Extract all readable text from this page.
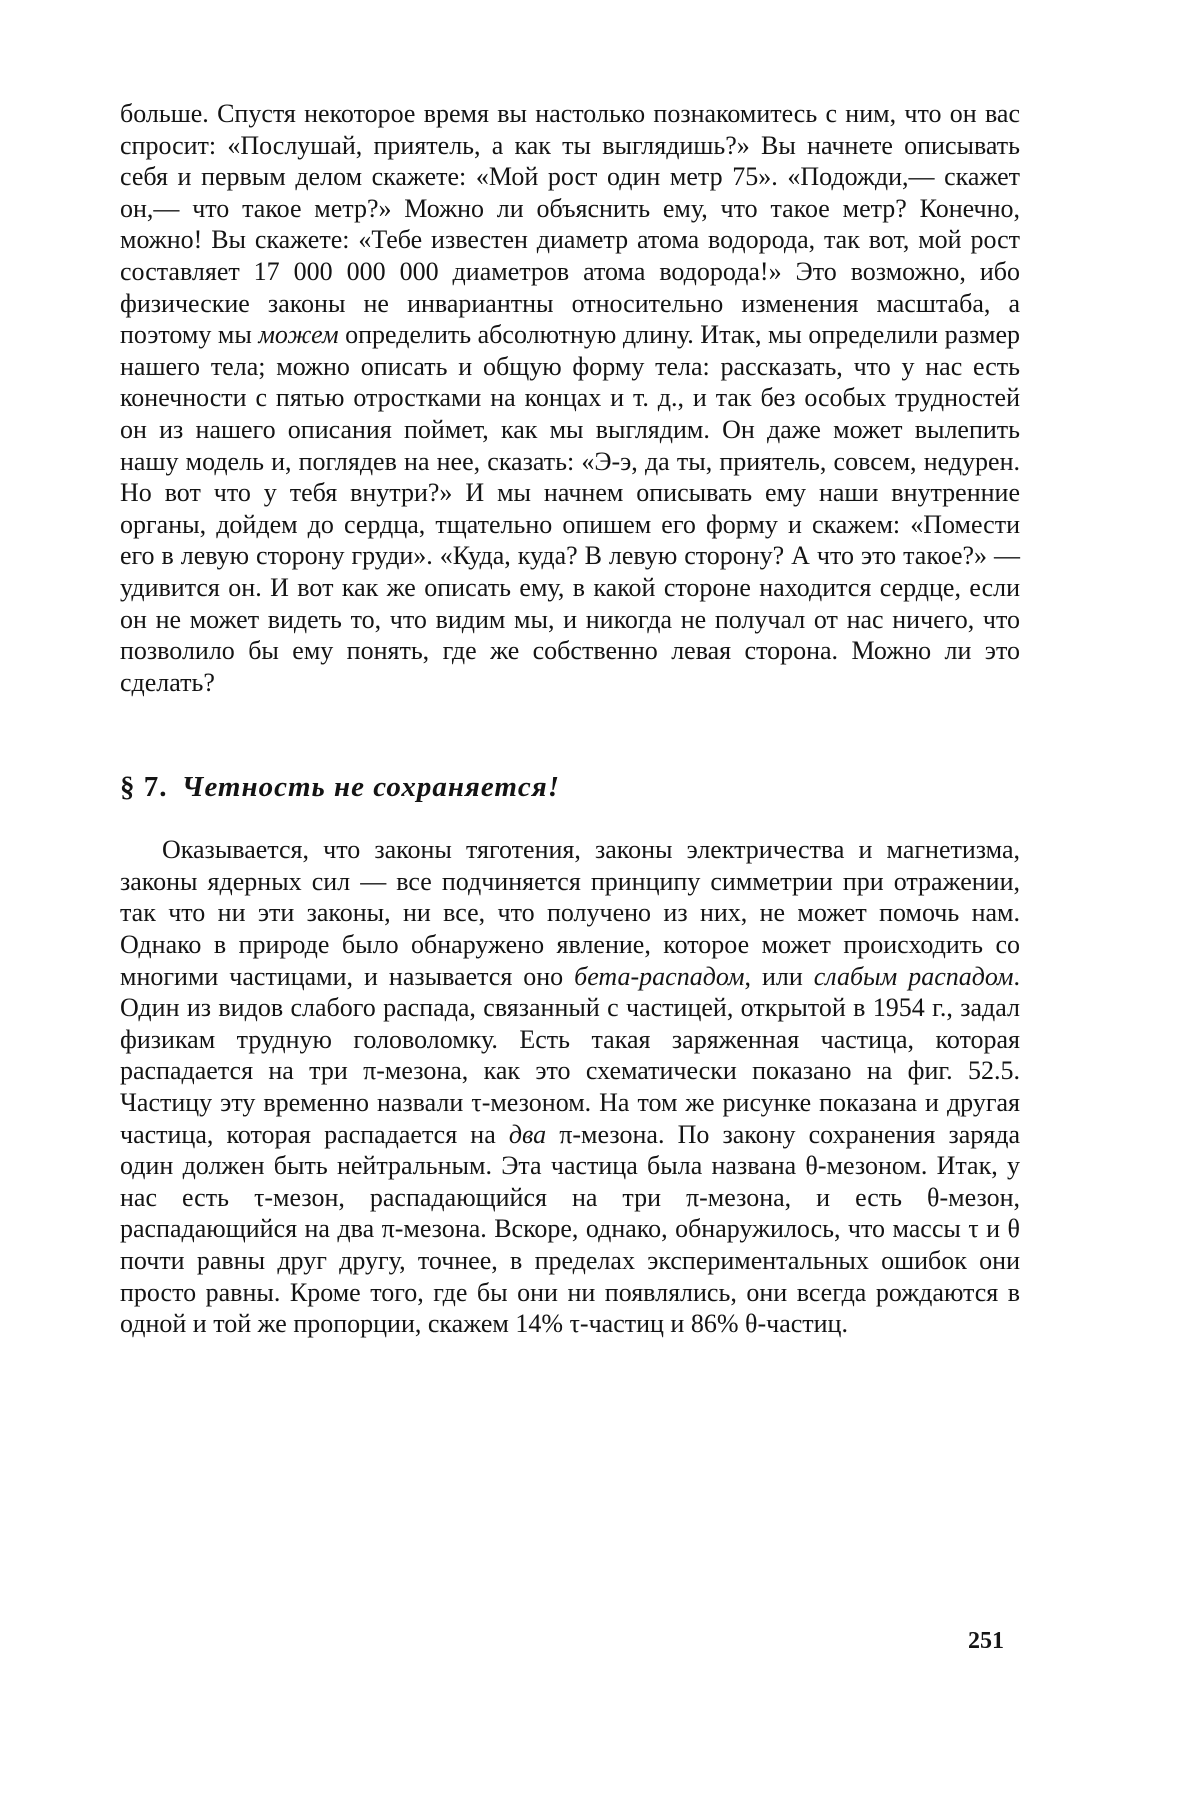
больше. Спустя некоторое время вы настолько познакомитесь с ним, что он вас спросит: «Послушай, приятель, а как ты выглядишь?» Вы начнете описывать себя и первым делом скажете: «Мой рост один метр 75». «Подожди,— скажет он,— что такое метр?» Можно ли объяснить ему, что такое метр? Конечно, можно! Вы скажете: «Тебе известен диаметр атома водорода, так вот, мой рост составляет 17 000 000 000 диаметров атома водорода!» Это возможно, ибо физические законы не инвариантны относительно изменения масштаба, а поэтому мы можем определить абсолютную длину. Итак, мы определили размер нашего тела; можно описать и общую форму тела: рассказать, что у нас есть конечности с пятью отростками на концах и т. д., и так без особых трудностей он из нашего описания поймет, как мы выглядим. Он даже может вылепить нашу модель и, поглядев на нее, сказать: «Э-э, да ты, приятель, совсем, недурен. Но вот что у тебя внутри?» И мы начнем описывать ему наши внутренние органы, дойдем до сердца, тщательно опишем его форму и скажем: «Помести его в левую сторону груди». «Куда, куда? В левую сторону? А что это такое?» — удивится он. И вот как же описать ему, в какой стороне находится сердце, если он не может видеть то, что видим мы, и никогда не получал от нас ничего, что позволило бы ему понять, где же собственно левая сторона. Можно ли это сделать?

§ 7. Четность не сохраняется!

Оказывается, что законы тяготения, законы электричества и магнетизма, законы ядерных сил — все подчиняется принципу симметрии при отражении, так что ни эти законы, ни все, что получено из них, не может помочь нам. Однако в природе было обнаружено явление, которое может происходить со многими частицами, и называется оно бета-распадом, или слабым распадом. Один из видов слабого распада, связанный с частицей, открытой в 1954 г., задал физикам трудную головоломку. Есть такая заряженная частица, которая распадается на три π-мезона, как это схематически показано на фиг. 52.5. Частицу эту временно назвали τ-мезоном. На том же рисунке показана и другая частица, которая распадается на два π-мезона. По закону сохранения заряда один должен быть нейтральным. Эта частица была названа θ-мезоном. Итак, у нас есть τ-мезон, распадающийся на три π-мезона, и есть θ-мезон, распадающийся на два π-мезона. Вскоре, однако, обнаружилось, что массы τ и θ почти равны друг другу, точнее, в пределах экспериментальных ошибок они просто равны. Кроме того, где бы они ни появлялись, они всегда рождаются в одной и той же пропорции, скажем 14% τ-частиц и 86% θ-частиц.

251
